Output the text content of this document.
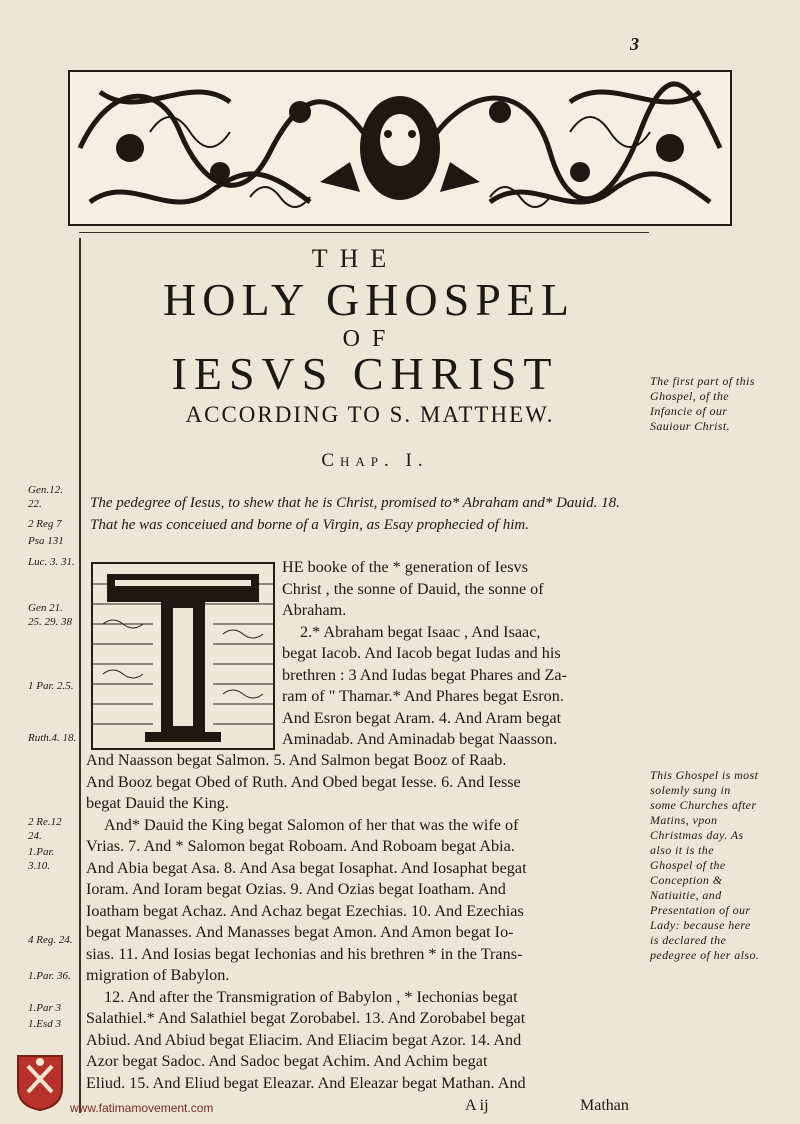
3
THE
HOLY GHOSPEL
OF
IESVS CHRIST
ACCORDING TO S. MATTHEW.
Chap. I.
The first part of this Ghospel, of the Infancie of our Sauiour Christ.
This Ghospel is most solemly sung in some Churches after Matins, vpon Christmas day. As also it is the Ghospel of the Conception & Natiuitie, and Presentation of our Lady: because here is declared the pedegree of her also.
The pedegree of Iesus, to shew that he is Christ, promised to* Abraham and* Dauid. 18. That he was conceiued and borne of a Virgin, as Esay prophecied of him.
Gen.12. 22.
2 Reg 7
Psa 131
Luc. 3. 31.
Gen 21. 25. 29. 38
1 Par. 2.5.
Ruth.4. 18.
2 Re.12 24.
1.Par. 3.10.
4 Reg. 24.
1.Par. 36.
1.Par 3
1.Esd 3
HE booke of the * generation of Iesvs
Christ , the sonne of Dauid, the sonne of
Abraham.
2.* Abraham begat Isaac , And Isaac,
begat Iacob. And Iacob begat Iudas and his
brethren : 3 And Iudas begat Phares and Za-
ram of " Thamar.* And Phares begat Esron.
And Esron begat Aram. 4. And Aram begat
Aminadab. And Aminadab begat Naasson.
And Naasson begat Salmon. 5. And Salmon begat Booz of Raab.
And Booz begat Obed of Ruth. And Obed begat Iesse. 6. And Iesse
begat Dauid the King.
And* Dauid the King begat Salomon of her that was the wife of
Vrias. 7. And * Salomon begat Roboam. And Roboam begat Abia.
And Abia begat Asa. 8. And Asa begat Iosaphat. And Iosaphat begat
Ioram. And Ioram begat Ozias. 9. And Ozias begat Ioatham. And
Ioatham begat Achaz. And Achaz begat Ezechias. 10. And Ezechias
begat Manasses. And Manasses begat Amon. And Amon begat Io-
sias. 11. And Iosias begat Iechonias and his brethren * in the Trans-
migration of Babylon.
12. And after the Transmigration of Babylon , * Iechonias begat
Salathiel.* And Salathiel begat Zorobabel. 13. And Zorobabel begat
Abiud. And Abiud begat Eliacim. And Eliacim begat Azor. 14. And
Azor begat Sadoc. And Sadoc begat Achim. And Achim begat
Eliud. 15. And Eliud begat Eleazar. And Eleazar begat Mathan. And
A ij	Mathan
www.fatimamovement.com
